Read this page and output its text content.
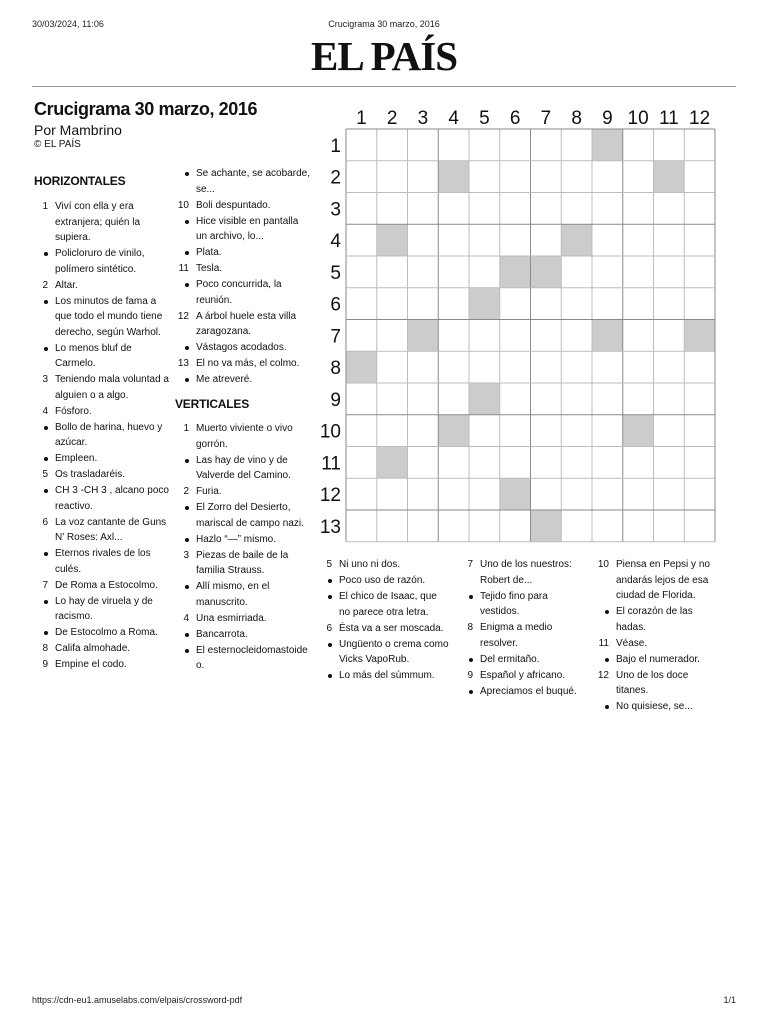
30/03/2024, 11:06	Crucigrama 30 marzo, 2016
EL PAÍS
Crucigrama 30 marzo, 2016
Por Mambrino
© EL PAÍS
HORIZONTALES
VERTICALES
1 Viví con ella y era extranjera; quién la supiera.
Policloruro de vinilo, polímero sintético.
2 Altar.
Los minutos de fama a que todo el mundo tiene derecho, según Warhol.
Lo menos bluf de Carmelo.
3 Teniendo mala voluntad a alguien o a algo.
4 Fósforo.
Bollo de harina, huevo y azúcar.
Empleen.
5 Os trasladaréis.
CH 3 -CH 3 , alcano poco reactivo.
6 La voz cantante de Guns N' Roses: Axl...
Eternos rivales de los culés.
7 De Roma a Estocolmo.
Lo hay de viruela y de racismo.
De Estocolmo a Roma.
8 Califa almohade.
9 Empine el codo.
Se achante, se acobarde, se...
10 Boli despuntado.
Hice visible en pantalla un archivo, lo...
Plata.
11 Tesla.
Poco concurrida, la reunión.
12 A árbol huele esta villa zaragozana.
Vástagos acodados.
13 El no va más, el colmo.
Me atreveré.
1 Muerto viviente o vivo gorrón.
Las hay de vino y de Valverde del Camino.
2 Furia.
El Zorro del Desierto, mariscal de campo nazi.
Hazlo “—” mismo.
3 Piezas de baile de la familia Strauss.
Allí mismo, en el manuscrito.
4 Una esmirriada.
Bancarrota.
El esternocleidomastoide o.
5 Ni uno ni dos.
Poco uso de razón.
El chico de Isaac, que no parece otra letra.
6 Ésta va a ser moscada.
Ungüento o crema como Vicks VapoRub.
Lo más del súmmum.
7 Uno de los nuestros: Robert de...
Tejido fino para vestidos.
8 Enigma a medio resolver.
Del ermitaño.
9 Español y africano.
Apreciamos el buqué.
10 Piensa en Pepsi y no andarás lejos de esa ciudad de Florida.
El corazón de las hadas.
11 Véase.
Bajo el numerador.
12 Uno de los doce titanes.
No quisiese, se...
1 2 3 4 5 6 7 8 9 10 11 12
1
2
3
4
5
6
7
8
9
10
11
12
13
https://cdn-eu1.amuselabs.com/elpais/crossword-pdf	1/1
